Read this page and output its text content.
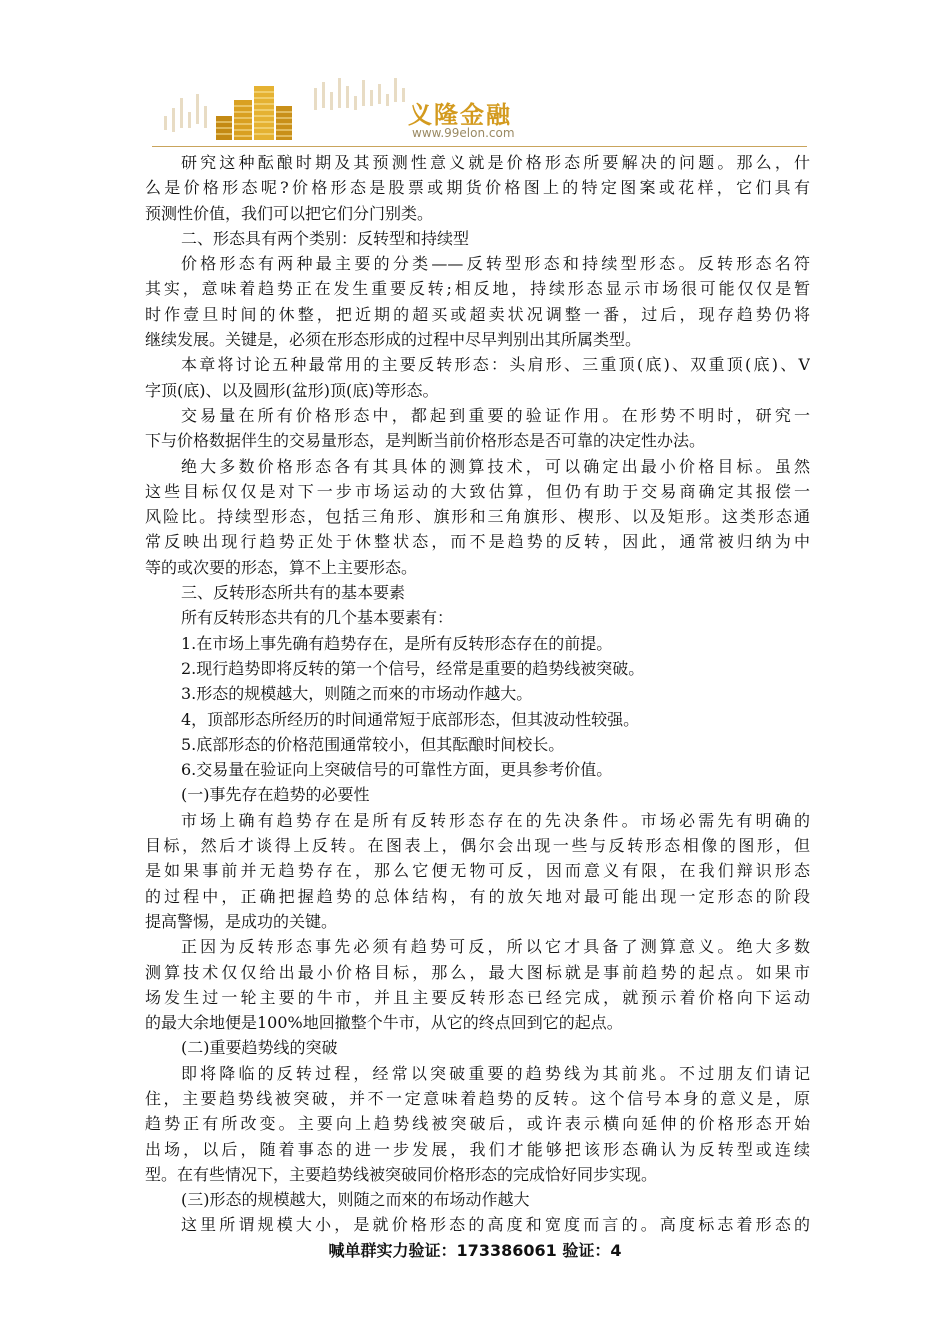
义隆金融
www.99elon.com
研究这种酝酿时期及其预测性意义就是价格形态所要解决的问题。那么，什
么是价格形态呢?价格形态是股票或期货价格图上的特定图案或花样，它们具有
预测性价值，我们可以把它们分门别类。
二、形态具有两个类别：反转型和持续型
价格形态有两种最主要的分类——反转型形态和持续型形态。反转形态名符
其实，意味着趋势正在发生重要反转;相反地，持续形态显示市场很可能仅仅是暂
时作壹旦时间的休整，把近期的超买或超卖状况调整一番，过后，现存趋势仍将
继续发展。关键是，必须在形态形成的过程中尽早判别出其所属类型。
本章将讨论五种最常用的主要反转形态：头肩形、三重顶(底)、双重顶(底)、V
字顶(底)、以及圆形(盆形)顶(底)等形态。
交易量在所有价格形态中，都起到重要的验证作用。在形势不明时，研究一
下与价格数据伴生的交易量形态，是判断当前价格形态是否可靠的决定性办法。
绝大多数价格形态各有其具体的测算技术，可以确定出最小价格目标。虽然
这些目标仅仅是对下一步市场运动的大致估算，但仍有助于交易商确定其报偿一
风险比。持续型形态，包括三角形、旗形和三角旗形、楔形、以及矩形。这类形态通
常反映出现行趋势正处于休整状态，而不是趋势的反转，因此，通常被归纳为中
等的或次要的形态，算不上主要形态。
三、反转形态所共有的基本要素
所有反转形态共有的几个基本要素有：
1.在市场上事先确有趋势存在，是所有反转形态存在的前提。
2.现行趋势即将反转的第一个信号，经常是重要的趋势线被突破。
3.形态的规模越大，则随之而來的市场动作越大。
4，顶部形态所经历的时间通常短于底部形态，但其波动性较强。
5.底部形态的价格范围通常较小，但其酝酿时间校长。
6.交易量在验证向上突破信号的可靠性方面，更具参考价值。
(一)事先存在趋势的必要性
市场上确有趋势存在是所有反转形态存在的先决条件。市场必需先有明确的
目标，然后才谈得上反转。在图表上，偶尔会出现一些与反转形态相像的图形，但
是如果事前并无趋势存在，那么它便无物可反，因而意义有限，在我们辩识形态
的过程中，正确把握趋势的总体结构，有的放矢地对最可能出现一定形态的阶段
提高警惕，是成功的关键。
正因为反转形态事先必须有趋势可反，所以它才具备了测算意义。绝大多数
测算技术仅仅给出最小价格目标，那么，最大图标就是事前趋势的起点。如果市
场发生过一轮主要的牛市，并且主要反转形态已经完成，就预示着价格向下运动
的最大余地便是100%地回撤整个牛市，从它的终点回到它的起点。
(二)重要趋势线的突破
即将降临的反转过程，经常以突破重要的趋势线为其前兆。不过朋友们请记
住，主要趋势线被突破，并不一定意味着趋势的反转。这个信号本身的意义是，原
趋势正有所改变。主要向上趋势线被突破后，或许表示横向延伸的价格形态开始
出场，以后，随着事态的进一步发展，我们才能够把该形态确认为反转型或连续
型。在有些情况下，主要趋势线被突破同价格形态的完成恰好同步实现。
(三)形态的规模越大，则随之而來的布场动作越大
这里所谓规模大小，是就价格形态的高度和宽度而言的。高度标志着形态的
喊单群实力验证：173386061 验证：4
